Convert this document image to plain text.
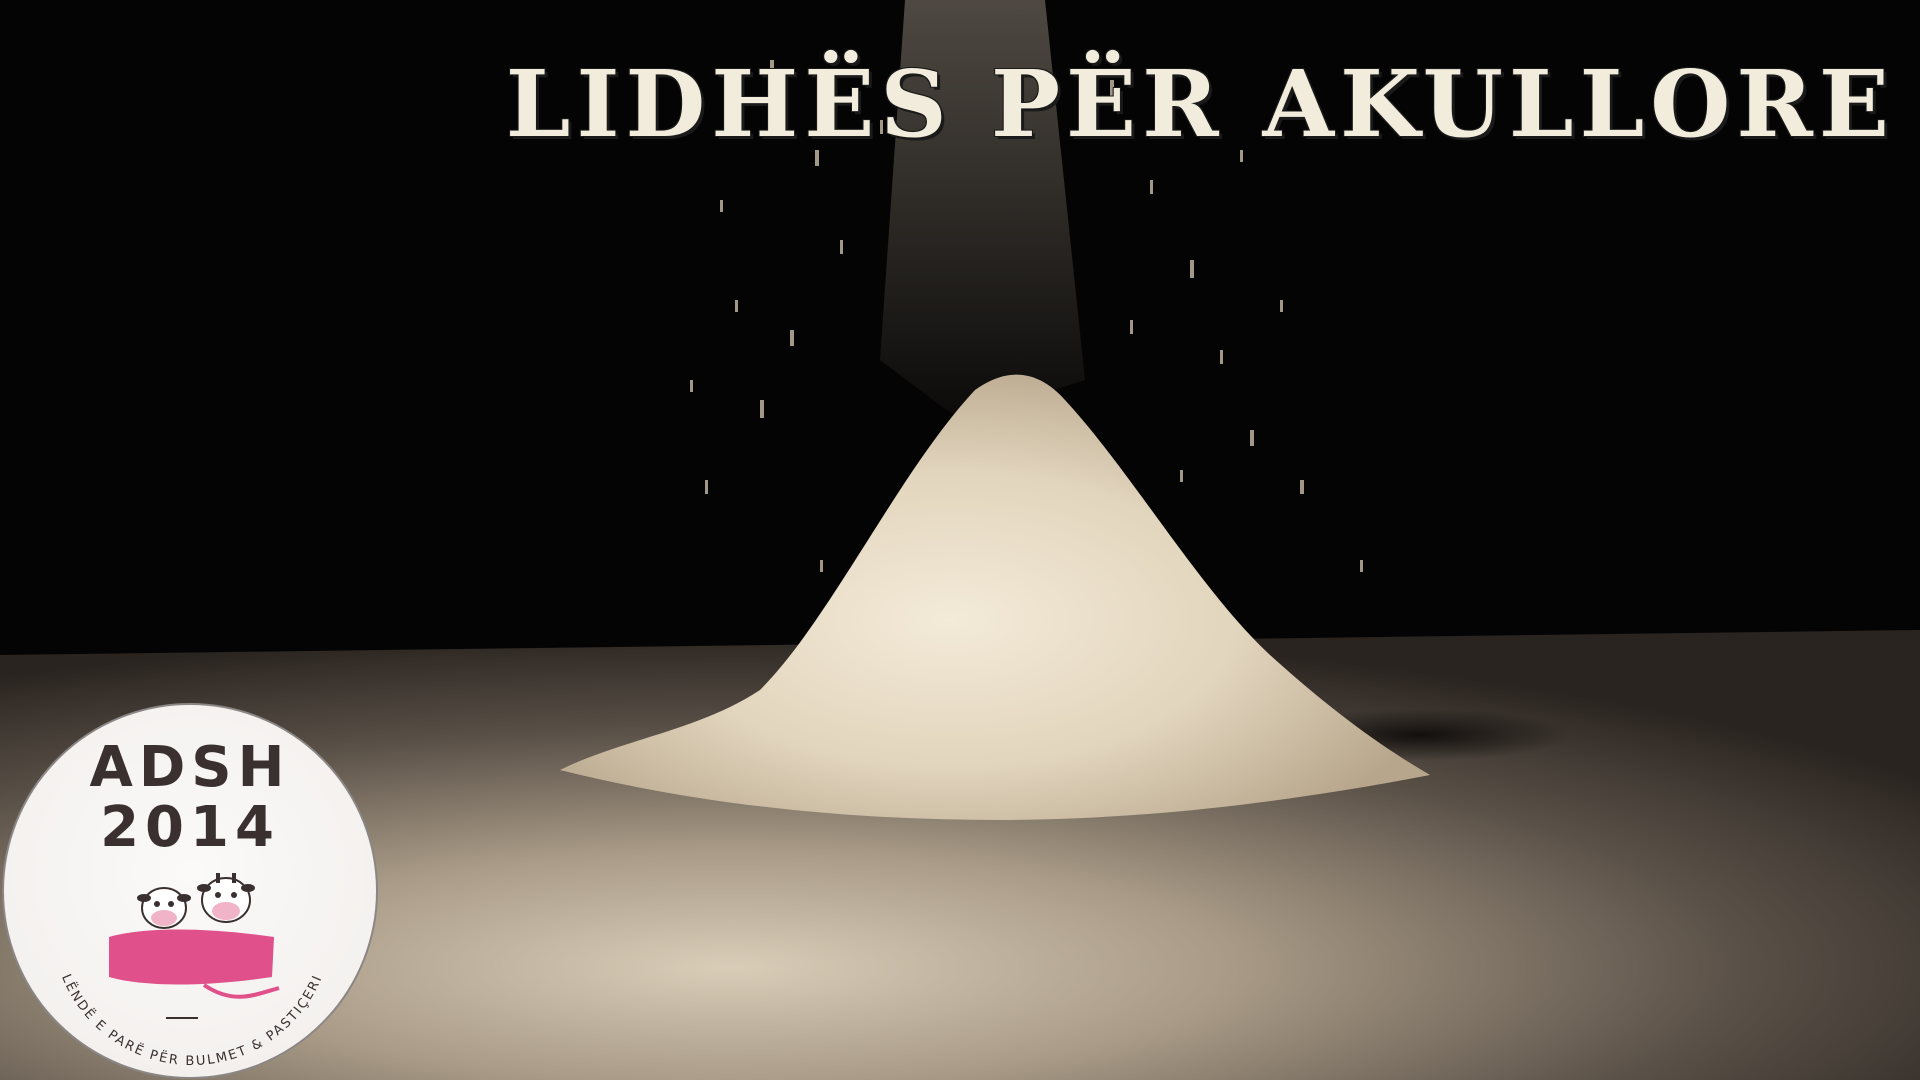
LIDHËS PËR AKULLORE
LËNDË E PARË PËR BULMET & PASTIÇERI

ADSH

2014
